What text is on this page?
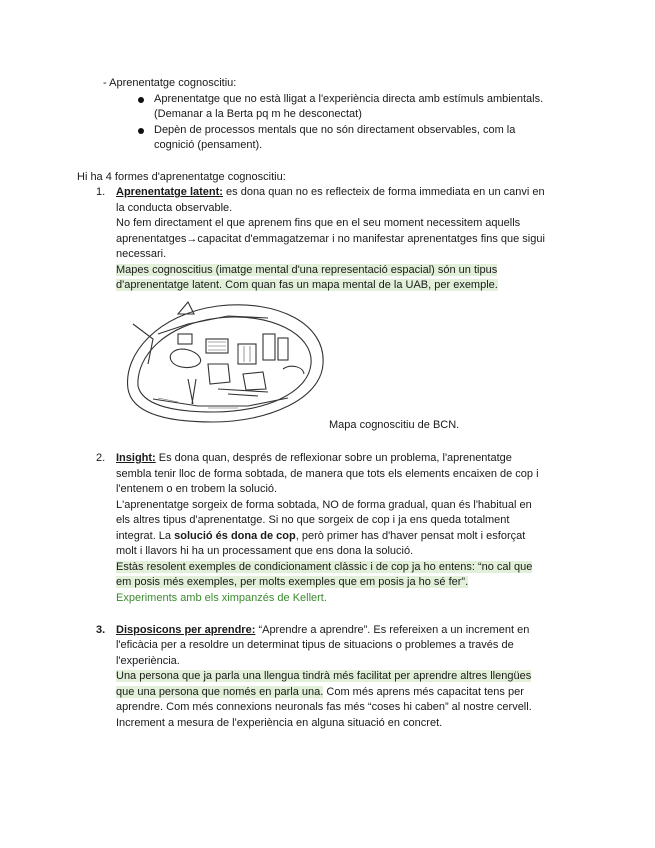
- Aprenentatge cognoscitiu:
Aprenentatge que no està lligat a l'experiència directa amb estímuls ambientals.
(Demanar a la Berta pq m he desconectat)
Depèn de processos mentals que no són directament observables, com la
cognició (pensament).
Hi ha 4 formes d'aprenentatge cognoscitiu:
1. Aprenentatge latent: es dona quan no es reflecteix de forma immediata en un canvi en
la conducta observable.
No fem directament el que aprenem fins que en el seu moment necessitem aquells
aprenentatges→capacitat d'emmagatzemar i no manifestar aprenentatges fins que sigui
necessari.
Mapes cognoscitius (imatge mental d'una representació espacial) són un tipus
d'aprenentatge latent. Com quan fas un mapa mental de la UAB, per exemple.
Mapa cognoscitiu de BCN.
2. Insight: Es dona quan, després de reflexionar sobre un problema, l'aprenentatge
sembla tenir lloc de forma sobtada, de manera que tots els elements encaixen de cop i
l'entenem o en trobem la solució.
L'aprenentatge sorgeix de forma sobtada, NO de forma gradual, quan és l'habitual en
els altres tipus d'aprenentatge. Si no que sorgeix de cop i ja ens queda totalment
integrat. La solució és dona de cop, però primer has d'haver pensat molt i esforçat
molt i llavors hi ha un processament que ens dona la solució.
Estàs resolent exemples de condicionament clàssic i de cop ja ho entens: “no cal que
em posis més exemples, per molts exemples que em posis ja ho sé fer”.
Experiments amb els ximpanzés de Kellert.
3. Disposicons per aprendre: “Aprendre a aprendre”. Es refereixen a un increment en
l'eficàcia per a resoldre un determinat tipus de situacions o problemes a través de
l'experiència.
Una persona que ja parla una llengua tindrà més facilitat per aprendre altres llengües
que una persona que només en parla una. Com més aprens més capacitat tens per
aprendre. Com més connexions neuronals fas més “coses hi caben” al nostre cervell.
Increment a mesura de l'experiència en alguna situació en concret.
